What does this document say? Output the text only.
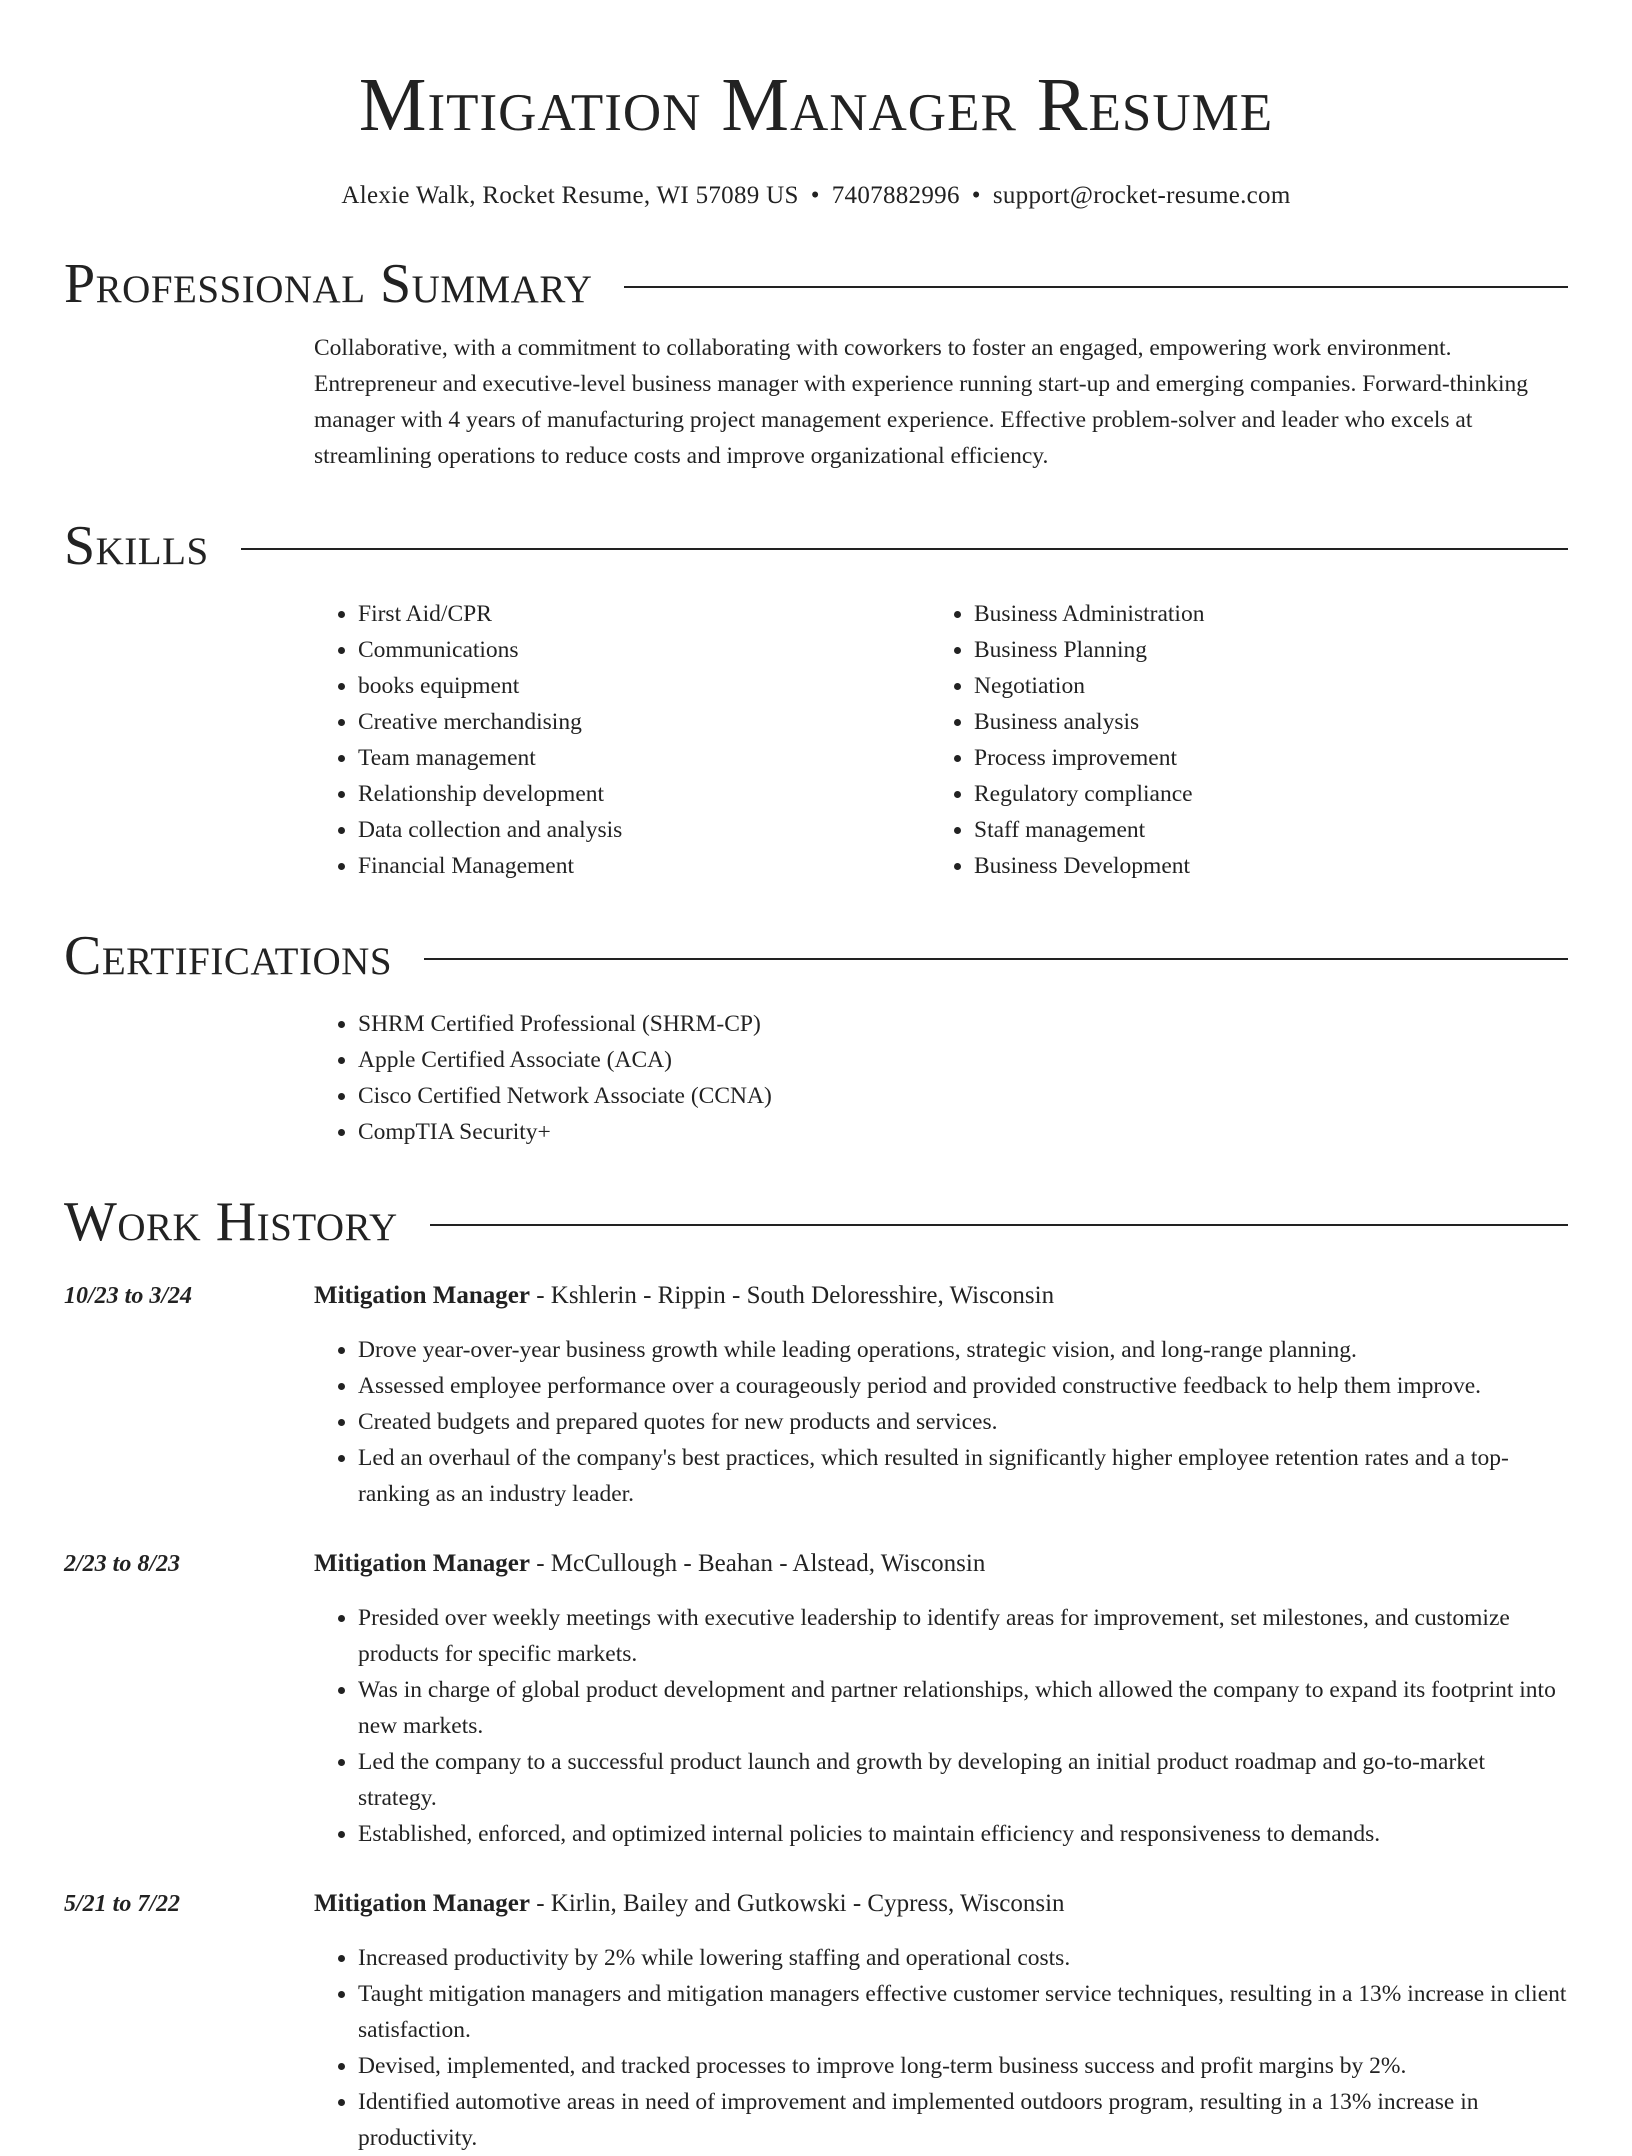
Mitigation Manager Resume
Alexie Walk, Rocket Resume, WI 57089 US • 7407882996 • support@rocket-resume.com
Professional Summary
Collaborative, with a commitment to collaborating with coworkers to foster an engaged, empowering work environment. Entrepreneur and executive-level business manager with experience running start-up and emerging companies. Forward-thinking manager with 4 years of manufacturing project management experience. Effective problem-solver and leader who excels at streamlining operations to reduce costs and improve organizational efficiency.
Skills
• First Aid/CPR
• Communications
• books equipment
• Creative merchandising
• Team management
• Relationship development
• Data collection and analysis
• Financial Management
• Business Administration
• Business Planning
• Negotiation
• Business analysis
• Process improvement
• Regulatory compliance
• Staff management
• Business Development
Certifications
• SHRM Certified Professional (SHRM-CP)
• Apple Certified Associate (ACA)
• Cisco Certified Network Associate (CCNA)
• CompTIA Security+
Work History
10/23 to 3/24	Mitigation Manager - Kshlerin - Rippin - South Deloresshire, Wisconsin
• Drove year-over-year business growth while leading operations, strategic vision, and long-range planning.
• Assessed employee performance over a courageously period and provided constructive feedback to help them improve.
• Created budgets and prepared quotes for new products and services.
• Led an overhaul of the company's best practices, which resulted in significantly higher employee retention rates and a top-ranking as an industry leader.
2/23 to 8/23	Mitigation Manager - McCullough - Beahan - Alstead, Wisconsin
• Presided over weekly meetings with executive leadership to identify areas for improvement, set milestones, and customize products for specific markets.
• Was in charge of global product development and partner relationships, which allowed the company to expand its footprint into new markets.
• Led the company to a successful product launch and growth by developing an initial product roadmap and go-to-market strategy.
• Established, enforced, and optimized internal policies to maintain efficiency and responsiveness to demands.
5/21 to 7/22	Mitigation Manager - Kirlin, Bailey and Gutkowski - Cypress, Wisconsin
• Increased productivity by 2% while lowering staffing and operational costs.
• Taught mitigation managers and mitigation managers effective customer service techniques, resulting in a 13% increase in client satisfaction.
• Devised, implemented, and tracked processes to improve long-term business success and profit margins by 2%.
• Identified automotive areas in need of improvement and implemented outdoors program, resulting in a 13% increase in productivity.
